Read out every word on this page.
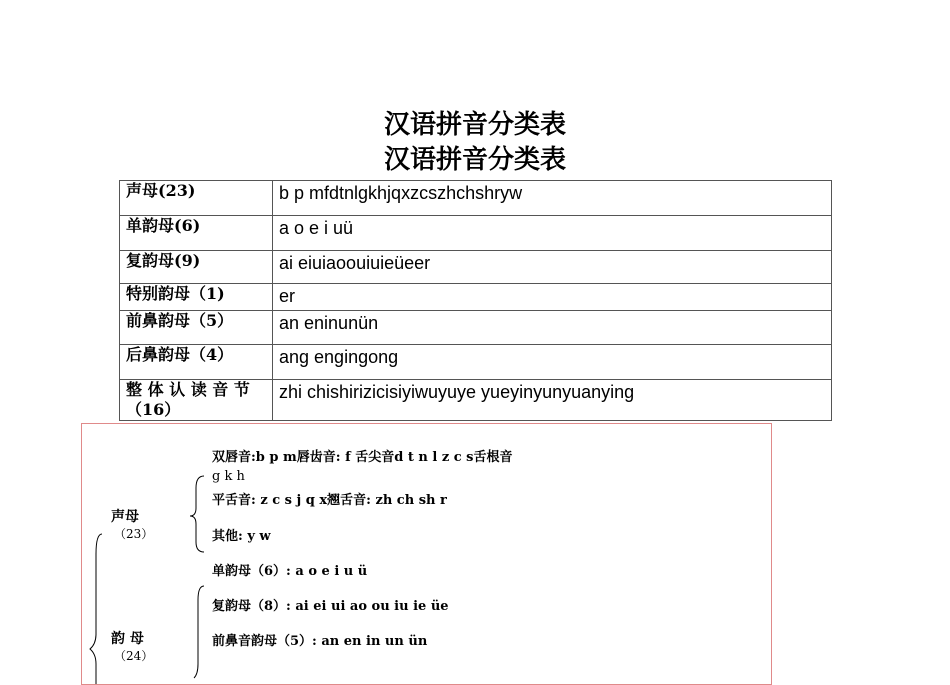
汉语拼音分类表
汉语拼音分类表
声母(23)	b p mfdtnlgkhjqxzcszhchshryw
单韵母(6)	a o e i uü
复韵母(9)	ai eiuiaoouiuieüeer
特别韵母（1)	er
前鼻韵母（5）	an eninunün
后鼻韵母（4）	ang engingong
整 体 认 读 音 节（16）	zhi chishirizicisiyiwuyuye yueyinyunyuanying
双唇音:b p m唇齿音: f 舌尖音d t n l z c s舌根音
g k h
平舌音: z c s j q x翘舌音: zh ch sh r
其他: y w
声母
（23）
单韵母（6）: a o e i u ü
复韵母（8）: ai ei ui ao ou iu ie üe
前鼻音韵母（5）: an en in un ün
韵 母
（24）
